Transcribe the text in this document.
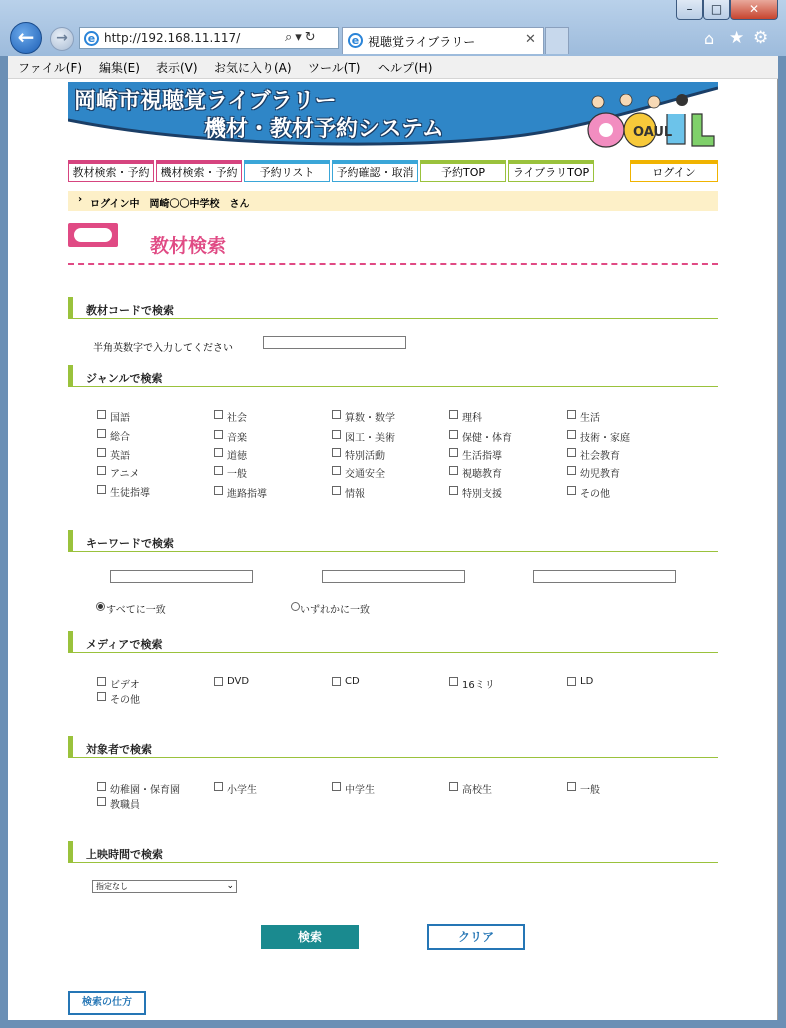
–	□	✕
←	→	e http://192.168.11.117/	⌕▾↻	e 視聴覚ライブラリー	✕	⌂ ★ ⚙
ファイル(F) 編集(E) 表示(V) お気に入り(A) ツール(T) ヘルプ(H)
岡崎市視聴覚ライブラリー
機材・教材予約システム	OAUL
教材検索・予約	機材検索・予約	予約リスト	予約確認・取消	予約TOP	ライブラリTOP	ログイン
› ログイン中　岡崎〇〇中学校　さん
教材検索
教材コードで検索
半角英数字で入力してください
ジャンルで検索
国語	社会	算数・数学	理科	生活
総合	音楽	図工・美術	保健・体育	技術・家庭
英語	道徳	特別活動	生活指導	社会教育
アニメ	一般	交通安全	視聴教育	幼児教育
生徒指導	進路指導	情報	特別支援	その他
キーワードで検索
すべてに一致	いずれかに一致
メディアで検索
ビデオ	DVD	CD	16ミリ	LD
その他
対象者で検索
幼稚園・保育園	小学生	中学生	高校生	一般
教職員
上映時間で検索
指定なし	⌄
検索	クリア
検索の仕方
